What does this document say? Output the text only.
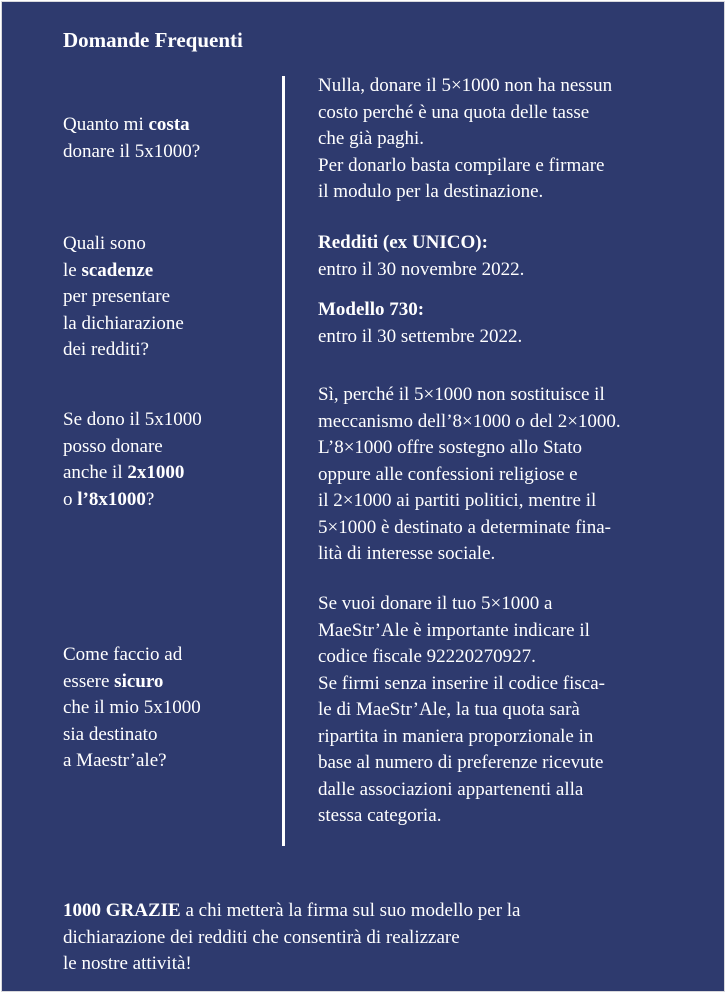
Domande Frequenti
Quanto mi costa
donare il 5x1000?
Nulla, donare il 5×1000 non ha nessun
costo perché è una quota delle tasse
che già paghi.
Per donarlo basta compilare e firmare
il modulo per la destinazione.
Quali sono
le scadenze
per presentare
la dichiarazione
dei redditi?
Redditi (ex UNICO):
entro il 30 novembre 2022.
Modello 730:
entro il 30 settembre 2022.
Se dono il 5x1000
posso donare
anche il 2x1000
o l’8x1000?
Sì, perché il 5×1000 non sostituisce il
meccanismo dell’8×1000 o del 2×1000.
L’8×1000 offre sostegno allo Stato
oppure alle confessioni religiose e
il 2×1000 ai partiti politici, mentre il
5×1000 è destinato a determinate fina-
lità di interesse sociale.
Come faccio ad
essere sicuro
che il mio 5x1000
sia destinato
a Maestr’ale?
Se vuoi donare il tuo 5×1000 a
MaeStr’Ale è importante indicare il
codice fiscale 92220270927.
Se firmi senza inserire il codice fisca-
le di MaeStr’Ale, la tua quota sarà
ripartita in maniera proporzionale in
base al numero di preferenze ricevute
dalle associazioni appartenenti alla
stessa categoria.
1000 GRAZIE a chi metterà la firma sul suo modello per la
dichiarazione dei redditi che consentirà di realizzare
le nostre attività!
